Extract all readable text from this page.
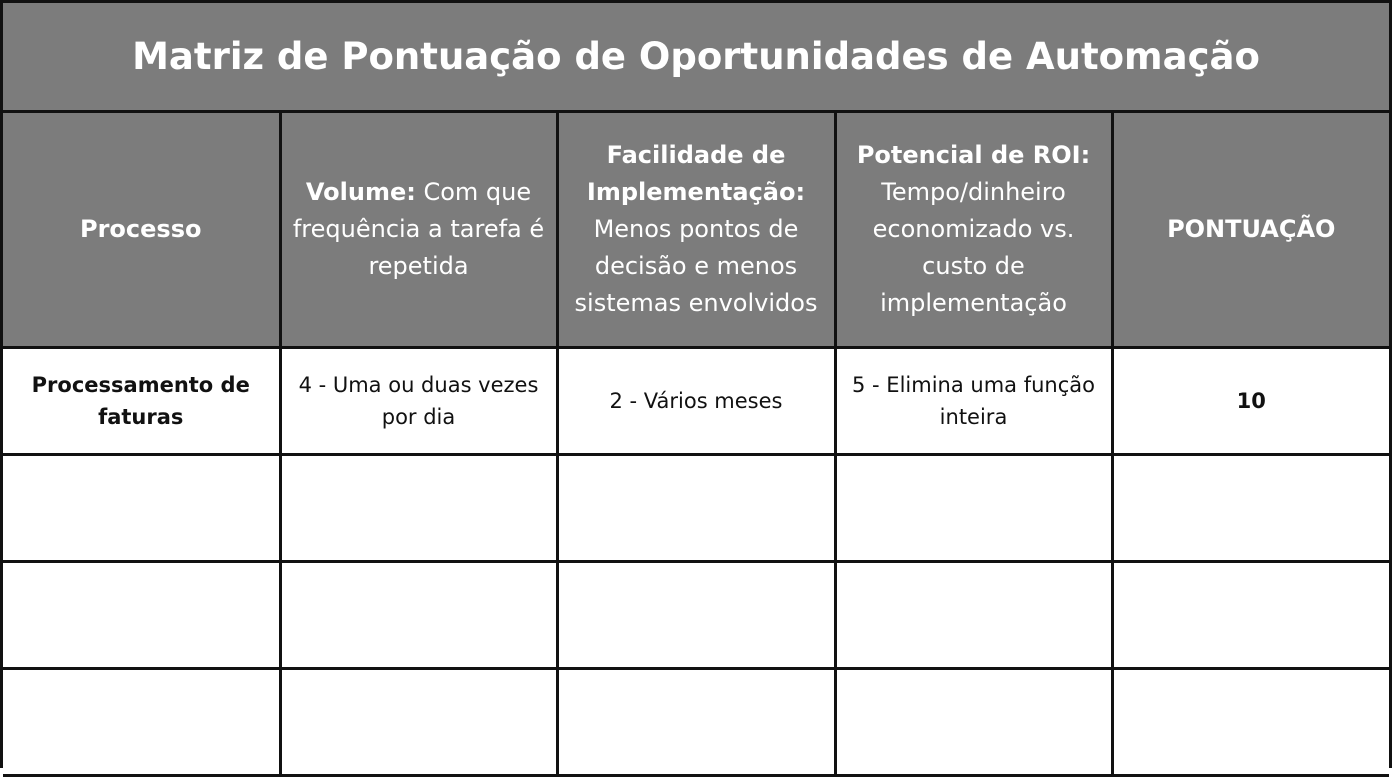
Matriz de Pontuação de Oportunidades de Automação
Processo	Volume: Com que frequência a tarefa é repetida	Facilidade de Implementação: Menos pontos de decisão e menos sistemas envolvidos	Potencial de ROI: Tempo/dinheiro economizado vs. custo de implementação	PONTUAÇÃO
Processamento de faturas	4 - Uma ou duas vezes por dia	2 - Vários meses	5 - Elimina uma função inteira	10
